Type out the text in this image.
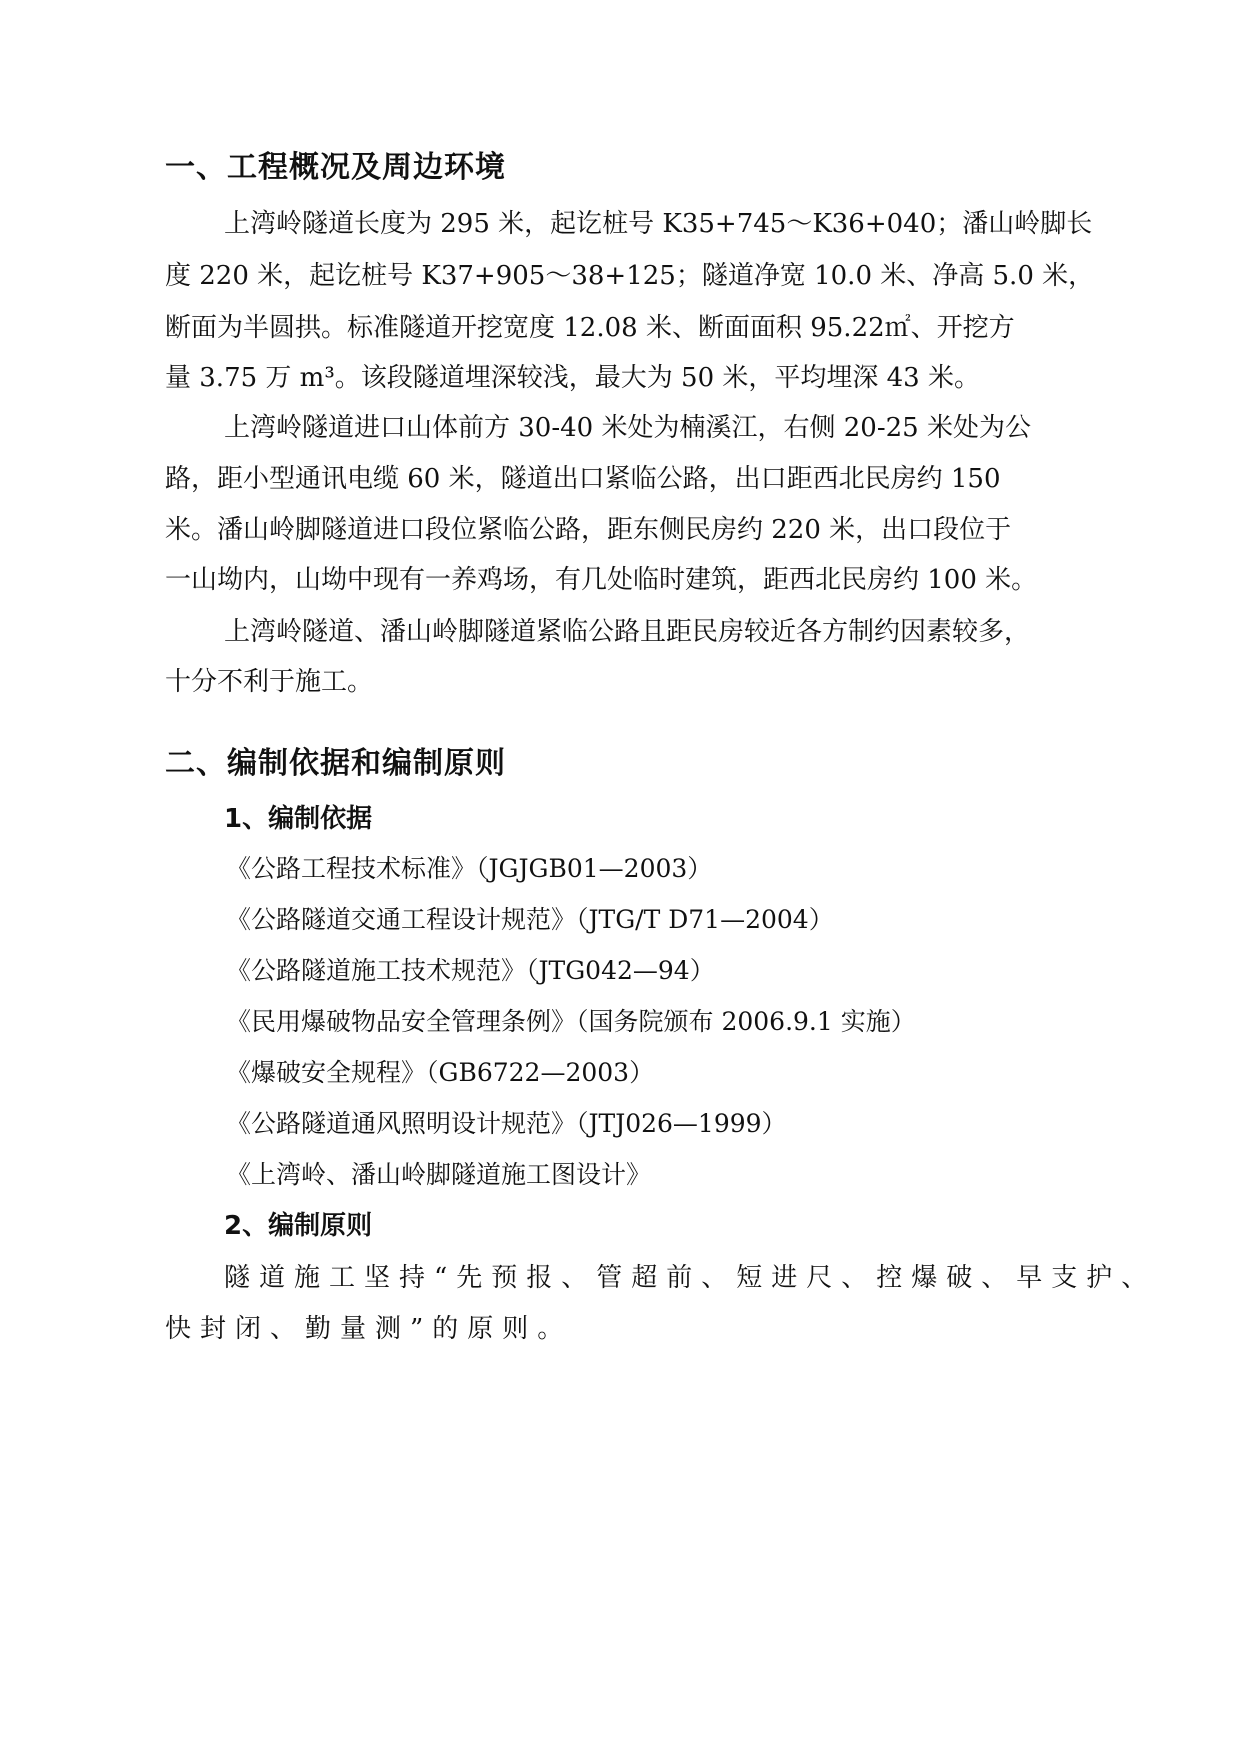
一、工程概况及周边环境
上湾岭隧道长度为 295 米，起讫桩号 K35+745～K36+040；潘山岭脚长
度 220 米，起讫桩号 K37+905～38+125；隧道净宽 10.0 米、净高 5.0 米，
断面为半圆拱。标准隧道开挖宽度 12.08 米、断面面积 95.22㎡、开挖方
量 3.75 万 m³。该段隧道埋深较浅，最大为 50 米，平均埋深 43 米。
上湾岭隧道进口山体前方 30-40 米处为楠溪江，右侧 20-25 米处为公
路，距小型通讯电缆 60 米，隧道出口紧临公路，出口距西北民房约 150
米。潘山岭脚隧道进口段位紧临公路，距东侧民房约 220 米，出口段位于
一山坳内，山坳中现有一养鸡场，有几处临时建筑，距西北民房约 100 米。
上湾岭隧道、潘山岭脚隧道紧临公路且距民房较近各方制约因素较多，
十分不利于施工。
二、编制依据和编制原则
1、编制依据
《公路工程技术标准》（JGJGB01—2003）
《公路隧道交通工程设计规范》（JTG/T D71—2004）
《公路隧道施工技术规范》（JTG042—94）
《民用爆破物品安全管理条例》（国务院颁布 2006.9.1 实施）
《爆破安全规程》（GB6722—2003）
《公路隧道通风照明设计规范》（JTJ026—1999）
《上湾岭、潘山岭脚隧道施工图设计》
2、编制原则
隧道施工坚持“先预报、管超前、短进尺、控爆破、早支护、
快封闭、勤量测”的原则。
